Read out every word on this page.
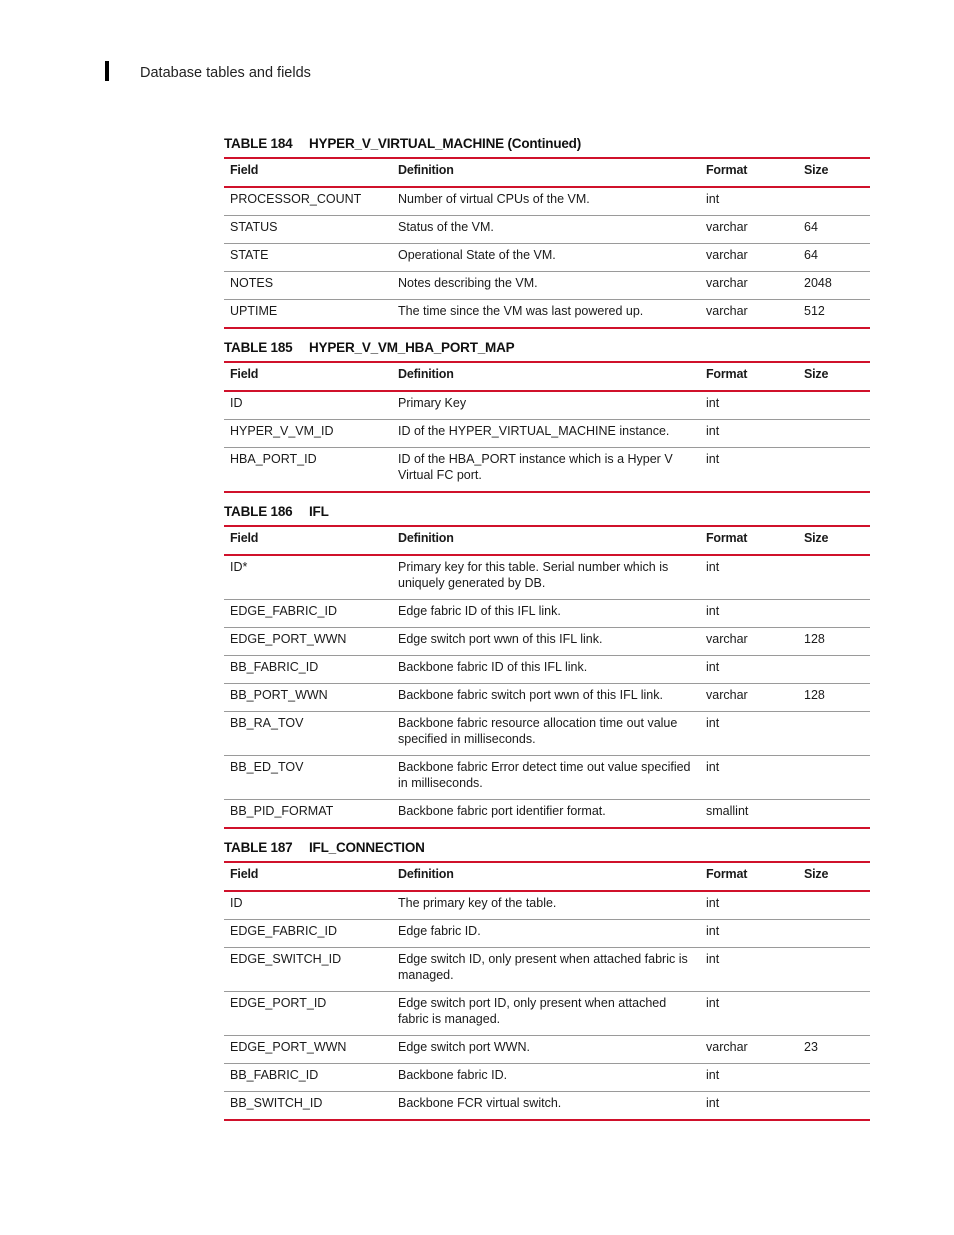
Database tables and fields
TABLE 184 HYPER_V_VIRTUAL_MACHINE (Continued)
Field	Definition	Format	Size
PROCESSOR_COUNT	Number of virtual CPUs of the VM.	int	
STATUS	Status of the VM.	varchar	64
STATE	Operational State of the VM.	varchar	64
NOTES	Notes describing the VM.	varchar	2048
UPTIME	The time since the VM was last powered up.	varchar	512
TABLE 185 HYPER_V_VM_HBA_PORT_MAP
Field	Definition	Format	Size
ID	Primary Key	int	
HYPER_V_VM_ID	ID of the HYPER_VIRTUAL_MACHINE instance.	int	
HBA_PORT_ID	ID of the HBA_PORT instance which is a Hyper V Virtual FC port.	int	
TABLE 186 IFL
Field	Definition	Format	Size
ID*	Primary key for this table. Serial number which is uniquely generated by DB.	int	
EDGE_FABRIC_ID	Edge fabric ID of this IFL link.	int	
EDGE_PORT_WWN	Edge switch port wwn of this IFL link.	varchar	128
BB_FABRIC_ID	Backbone fabric ID of this IFL link.	int	
BB_PORT_WWN	Backbone fabric switch port wwn of this IFL link.	varchar	128
BB_RA_TOV	Backbone fabric resource allocation time out value specified in milliseconds.	int	
BB_ED_TOV	Backbone fabric Error detect time out value specified in milliseconds.	int	
BB_PID_FORMAT	Backbone fabric port identifier format.	smallint	
TABLE 187 IFL_CONNECTION
Field	Definition	Format	Size
ID	The primary key of the table.	int	
EDGE_FABRIC_ID	Edge fabric ID.	int	
EDGE_SWITCH_ID	Edge switch ID, only present when attached fabric is managed.	int	
EDGE_PORT_ID	Edge switch port ID, only present when attached fabric is managed.	int	
EDGE_PORT_WWN	Edge switch port WWN.	varchar	23
BB_FABRIC_ID	Backbone fabric ID.	int	
BB_SWITCH_ID	Backbone FCR virtual switch.	int	
